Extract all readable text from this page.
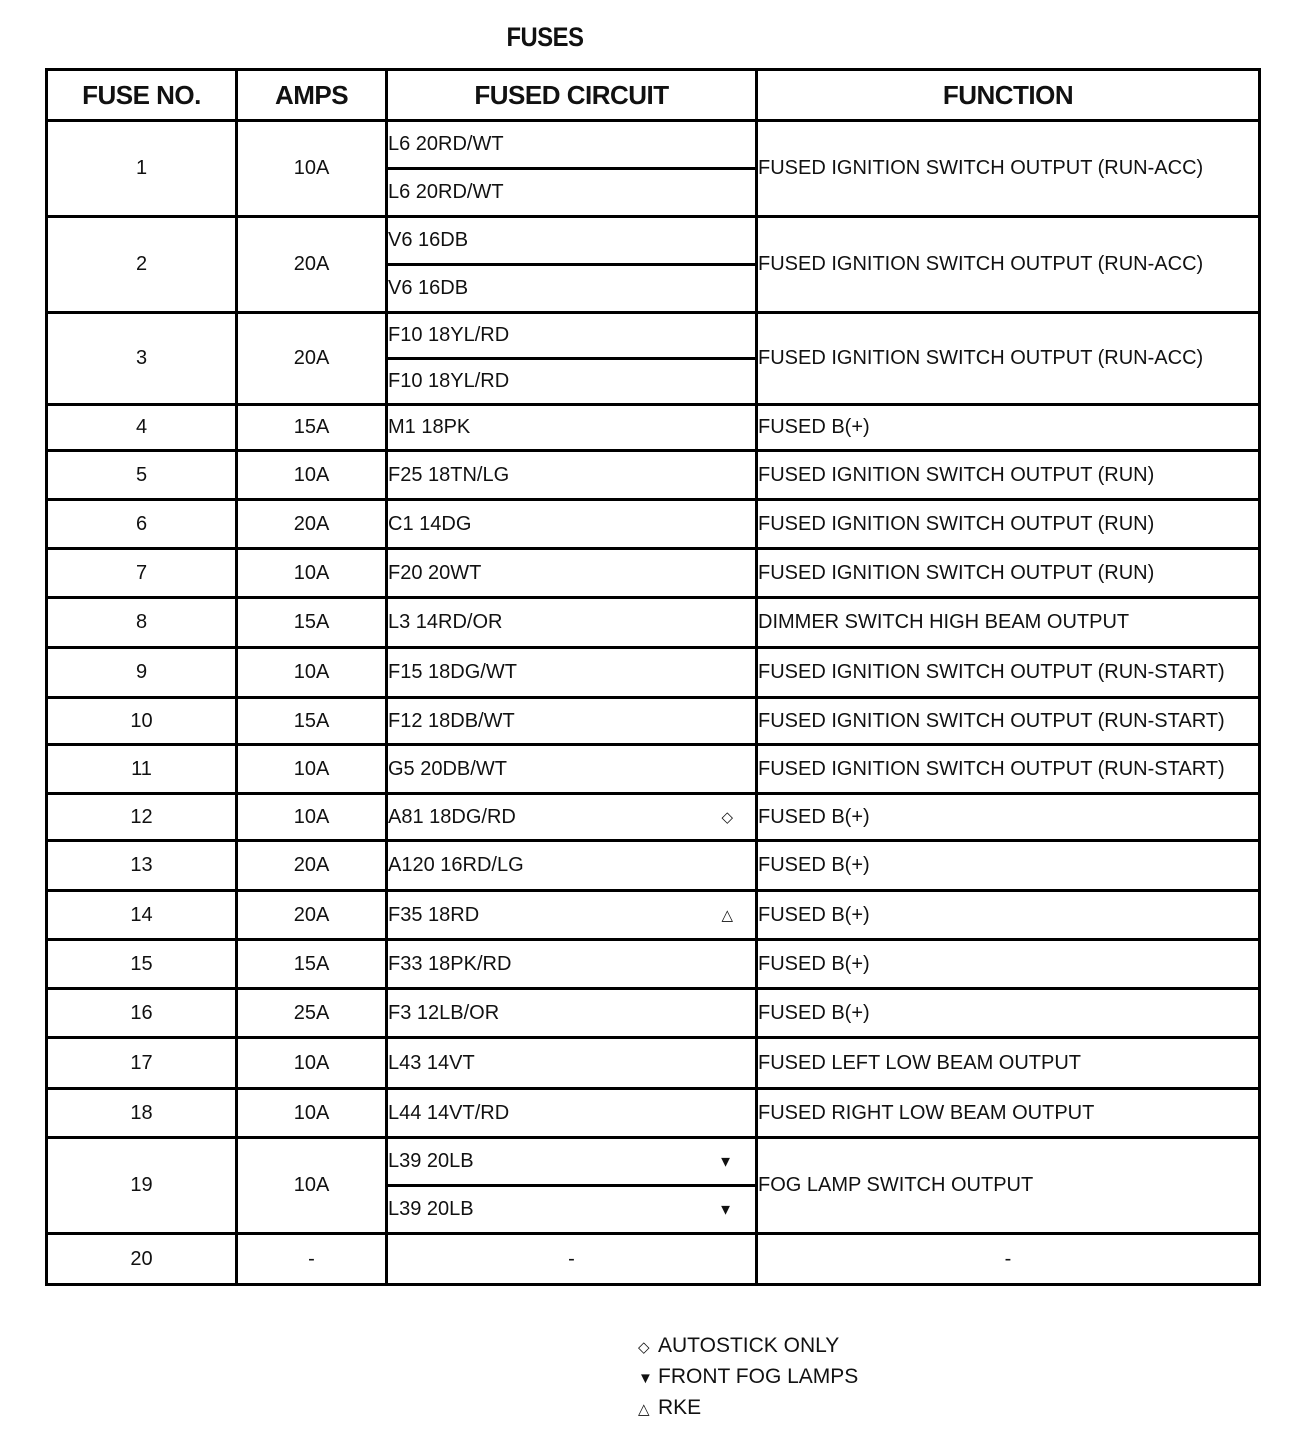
FUSES
FUSE NO.	AMPS	FUSED CIRCUIT	FUNCTION
1	10A	L6 20RD/WT	FUSED IGNITION SWITCH OUTPUT (RUN-ACC)
		L6 20RD/WT	
2	20A	V6 16DB	FUSED IGNITION SWITCH OUTPUT (RUN-ACC)
		V6 16DB	
3	20A	F10 18YL/RD	FUSED IGNITION SWITCH OUTPUT (RUN-ACC)
		F10 18YL/RD	
4	15A	M1 18PK	FUSED B(+)
5	10A	F25 18TN/LG	FUSED IGNITION SWITCH OUTPUT (RUN)
6	20A	C1 14DG	FUSED IGNITION SWITCH OUTPUT (RUN)
7	10A	F20 20WT	FUSED IGNITION SWITCH OUTPUT (RUN)
8	15A	L3 14RD/OR	DIMMER SWITCH HIGH BEAM OUTPUT
9	10A	F15 18DG/WT	FUSED IGNITION SWITCH OUTPUT (RUN-START)
10	15A	F12 18DB/WT	FUSED IGNITION SWITCH OUTPUT (RUN-START)
11	10A	G5 20DB/WT	FUSED IGNITION SWITCH OUTPUT (RUN-START)
12	10A	A81 18DG/RD ◇	FUSED B(+)
13	20A	A120 16RD/LG	FUSED B(+)
14	20A	F35 18RD △	FUSED B(+)
15	15A	F33 18PK/RD	FUSED B(+)
16	25A	F3 12LB/OR	FUSED B(+)
17	10A	L43 14VT	FUSED LEFT LOW BEAM OUTPUT
18	10A	L44 14VT/RD	FUSED RIGHT LOW BEAM OUTPUT
19	10A	L39 20LB ▼	FOG LAMP SWITCH OUTPUT
		L39 20LB ▼	

20	-	-	-
◇ AUTOSTICK ONLY
▼ FRONT FOG LAMPS
△ RKE
